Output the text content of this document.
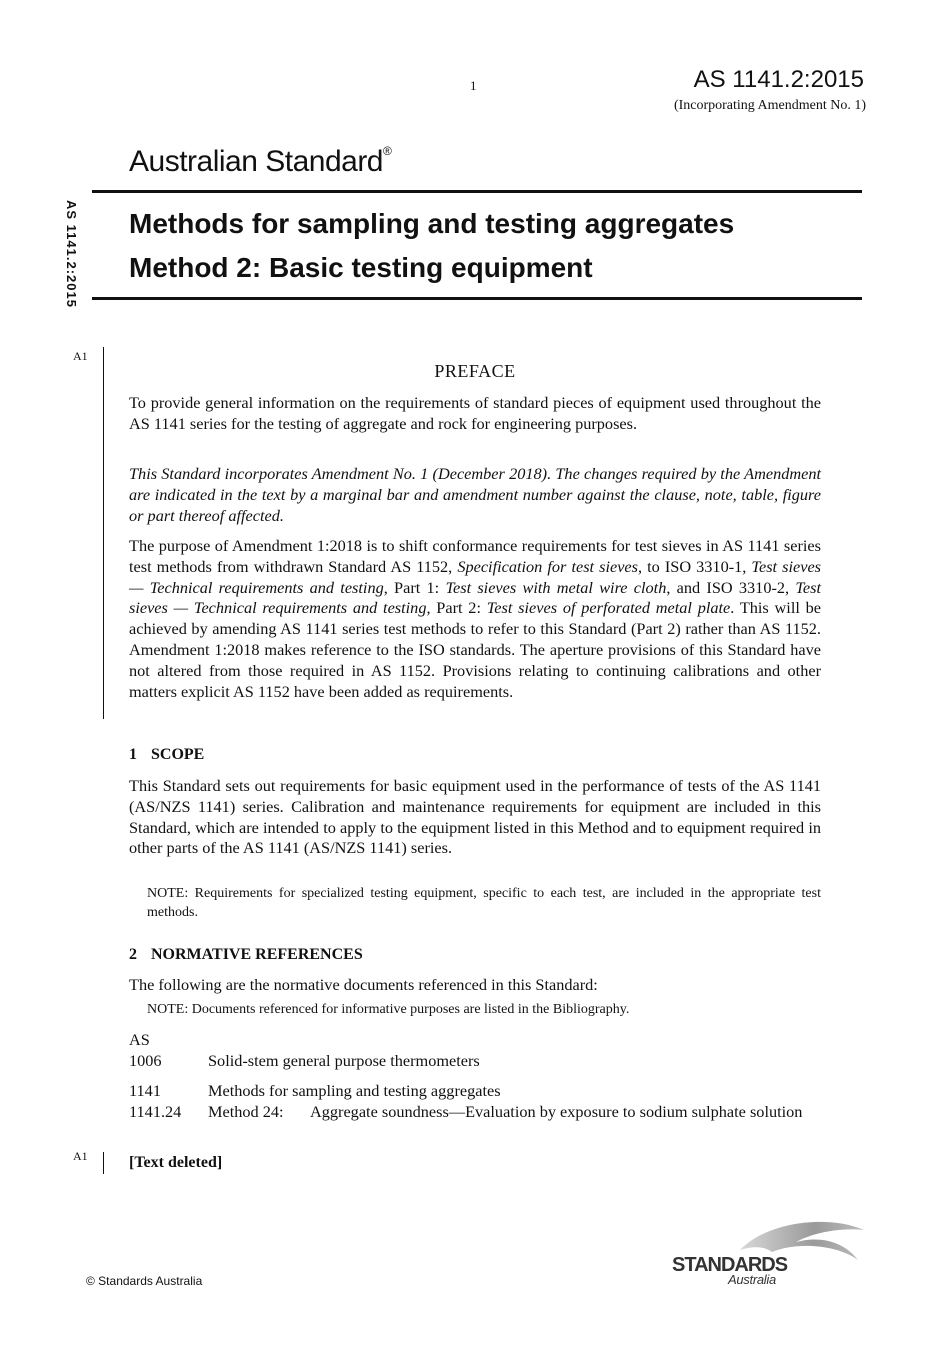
1	AS 1141.2:2015
(Incorporating Amendment No. 1)
Australian Standard®
Methods for sampling and testing aggregates
Method 2: Basic testing equipment
AS 1141.2:2015
A1
PREFACE
To provide general information on the requirements of standard pieces of equipment used throughout the AS 1141 series for the testing of aggregate and rock for engineering purposes.
This Standard incorporates Amendment No. 1 (December 2018). The changes required by the Amendment are indicated in the text by a marginal bar and amendment number against the clause, note, table, figure or part thereof affected.
The purpose of Amendment 1:2018 is to shift conformance requirements for test sieves in AS 1141 series test methods from withdrawn Standard AS 1152, Specification for test sieves, to ISO 3310-1, Test sieves — Technical requirements and testing, Part 1: Test sieves with metal wire cloth, and ISO 3310-2, Test sieves — Technical requirements and testing, Part 2: Test sieves of perforated metal plate. This will be achieved by amending AS 1141 series test methods to refer to this Standard (Part 2) rather than AS 1152. Amendment 1:2018 makes reference to the ISO standards. The aperture provisions of this Standard have not altered from those required in AS 1152. Provisions relating to continuing calibrations and other matters explicit AS 1152 have been added as requirements.
1 SCOPE
This Standard sets out requirements for basic equipment used in the performance of tests of the AS 1141 (AS/NZS 1141) series. Calibration and maintenance requirements for equipment are included in this Standard, which are intended to apply to the equipment listed in this Method and to equipment required in other parts of the AS 1141 (AS/NZS 1141) series.
NOTE: Requirements for specialized testing equipment, specific to each test, are included in the appropriate test methods.
2 NORMATIVE REFERENCES
The following are the normative documents referenced in this Standard:
NOTE: Documents referenced for informative purposes are listed in the Bibliography.
AS
1006	Solid-stem general purpose thermometers
1141	Methods for sampling and testing aggregates
1141.24 Method 24: Aggregate soundness—Evaluation by exposure to sodium sulphate solution
A1	[Text deleted]
© Standards Australia
STANDARDS
Australia
